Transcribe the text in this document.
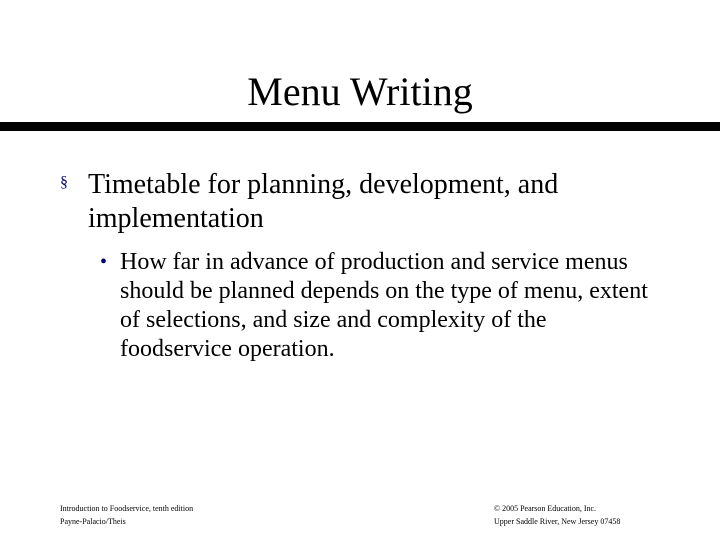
Menu Writing
§ Timetable for planning, development, and implementation
• How far in advance of production and service menus should be planned depends on the type of menu, extent of selections, and size and complexity of the foodservice operation.
Introduction to Foodservice, tenth edition
Payne-Palacio/Theis
© 2005 Pearson Education, Inc.
Upper Saddle River, New Jersey 07458
